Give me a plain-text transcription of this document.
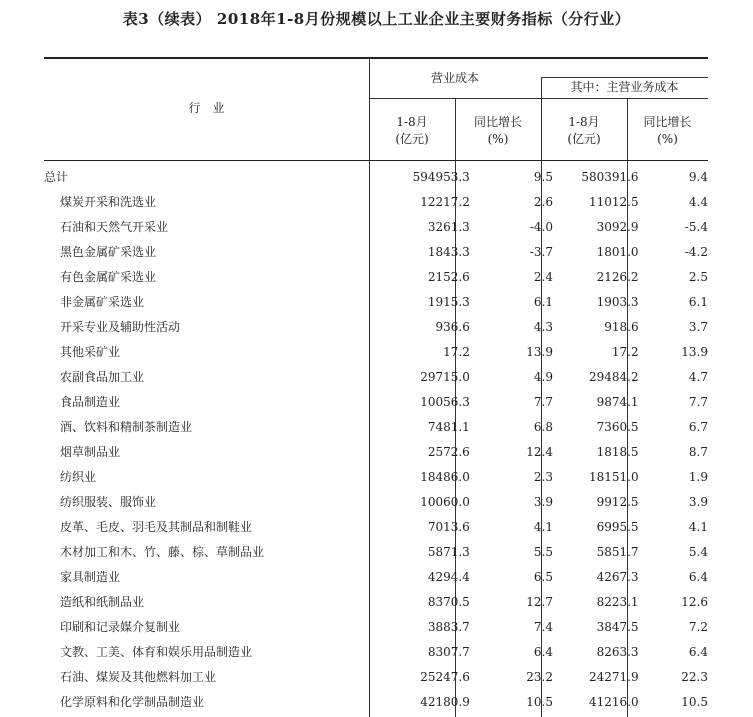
表3（续表） 2018年1-8月份规模以上工业企业主要财务指标（分行业）
行　业
营业成本
其中：主营业务成本
1-8月
(亿元)
同比增长
(%)
1-8月
(亿元)
同比增长
(%)
总计	594953.3	9.5	580391.6	9.4
煤炭开采和洗选业	12217.2	2.6	11012.5	4.4
石油和天然气开采业	3261.3	-4.0	3092.9	-5.4
黑色金属矿采选业	1843.3	-3.7	1801.0	-4.2
有色金属矿采选业	2152.6	2.4	2126.2	2.5
非金属矿采选业	1915.3	6.1	1903.3	6.1
开采专业及辅助性活动	936.6	4.3	918.6	3.7
其他采矿业	17.2	13.9	17.2	13.9
农副食品加工业	29715.0	4.9	29484.2	4.7
食品制造业	10056.3	7.7	9874.1	7.7
酒、饮料和精制茶制造业	7481.1	6.8	7360.5	6.7
烟草制品业	2572.6	12.4	1818.5	8.7
纺织业	18486.0	2.3	18151.0	1.9
纺织服装、服饰业	10060.0	3.9	9912.5	3.9
皮革、毛皮、羽毛及其制品和制鞋业	7013.6	4.1	6995.5	4.1
木材加工和木、竹、藤、棕、草制品业	5871.3	5.5	5851.7	5.4
家具制造业	4294.4	6.5	4267.3	6.4
造纸和纸制品业	8370.5	12.7	8223.1	12.6
印刷和记录媒介复制业	3883.7	7.4	3847.5	7.2
文教、工美、体育和娱乐用品制造业	8307.7	6.4	8263.3	6.4
石油、煤炭及其他燃料加工业	25247.6	23.2	24271.9	22.3
化学原料和化学制品制造业	42180.9	10.5	41216.0	10.5
